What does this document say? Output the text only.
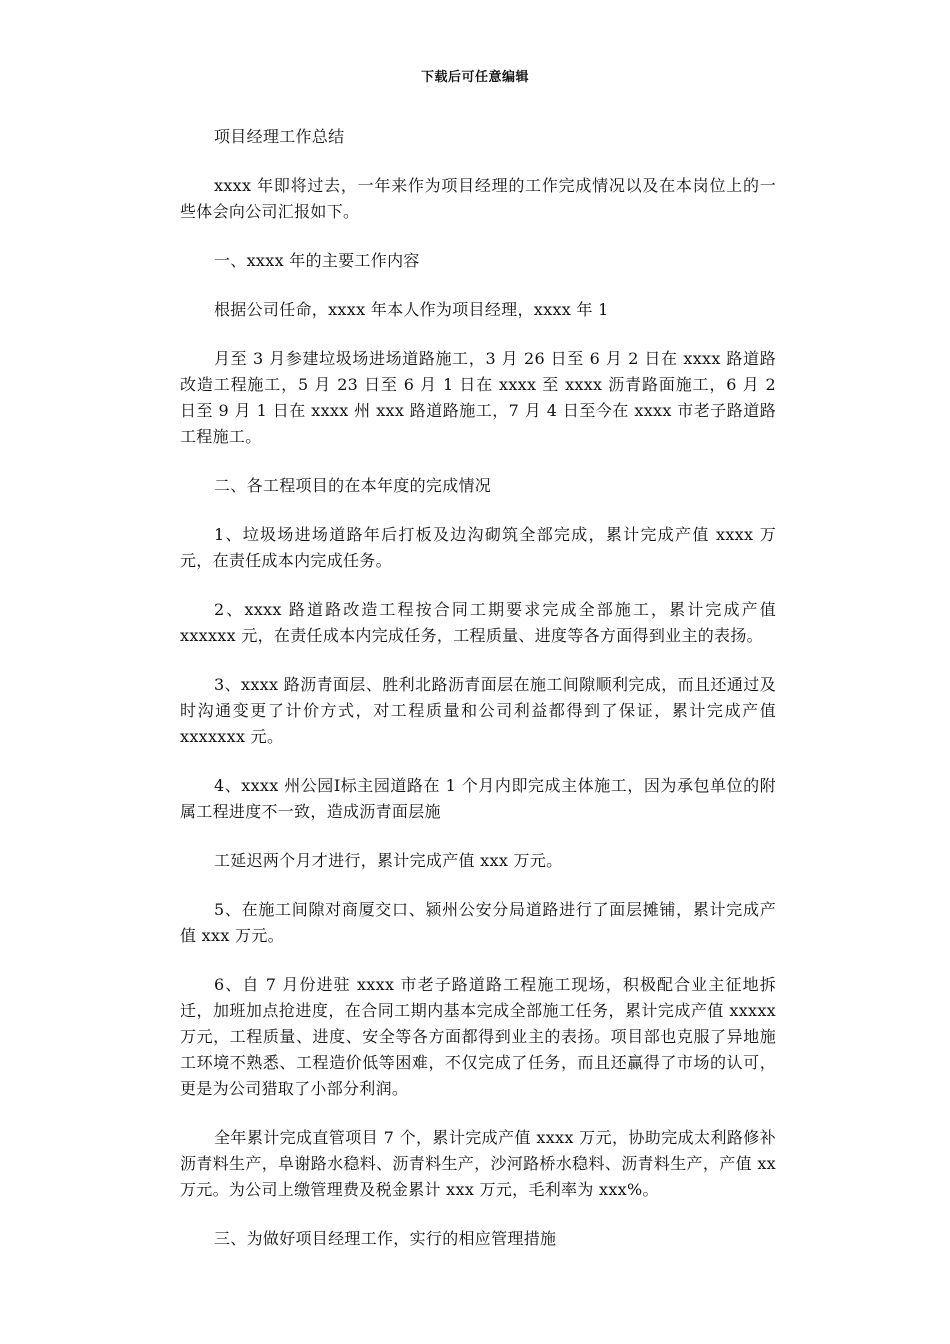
下载后可任意编辑

项目经理工作总结

xxxx 年即将过去，一年来作为项目经理的工作完成情况以及在本岗位上的一些体会向公司汇报如下。

一、xxxx 年的主要工作内容

根据公司任命，xxxx 年本人作为项目经理，xxxx 年 1

月至 3 月参建垃圾场进场道路施工，3 月 26 日至 6 月 2 日在 xxxx 路道路改造工程施工，5 月 23 日至 6 月 1 日在 xxxx 至 xxxx 沥青路面施工，6 月 2 日至 9 月 1 日在 xxxx 州 xxx 路道路施工，7 月 4 日至今在 xxxx 市老子路道路工程施工。

二、各工程项目的在本年度的完成情况

1、垃圾场进场道路年后打板及边沟砌筑全部完成，累计完成产值 xxxx 万元，在责任成本内完成任务。

2、xxxx 路道路改造工程按合同工期要求完成全部施工，累计完成产值 xxxxxx 元，在责任成本内完成任务，工程质量、进度等各方面得到业主的表扬。

3、xxxx 路沥青面层、胜利北路沥青面层在施工间隙顺利完成，而且还通过及时沟通变更了计价方式，对工程质量和公司利益都得到了保证，累计完成产值 xxxxxxx 元。

4、xxxx 州公园Ⅰ标主园道路在 1 个月内即完成主体施工，因为承包单位的附属工程进度不一致，造成沥青面层施

工延迟两个月才进行，累计完成产值 xxx 万元。

5、在施工间隙对商厦交口、颍州公安分局道路进行了面层摊铺，累计完成产值 xxx 万元。

6、自 7 月份进驻 xxxx 市老子路道路工程施工现场，积极配合业主征地拆迁，加班加点抢进度，在合同工期内基本完成全部施工任务，累计完成产值 xxxxx 万元，工程质量、进度、安全等各方面都得到业主的表扬。项目部也克服了异地施工环境不熟悉、工程造价低等困难，不仅完成了任务，而且还赢得了市场的认可，更是为公司猎取了小部分利润。

全年累计完成直管项目 7 个，累计完成产值 xxxx 万元，协助完成太利路修补沥青料生产，阜谢路水稳料、沥青料生产，沙河路桥水稳料、沥青料生产，产值 xx 万元。为公司上缴管理费及税金累计 xxx 万元，毛利率为 xxx%。

三、为做好项目经理工作，实行的相应管理措施
